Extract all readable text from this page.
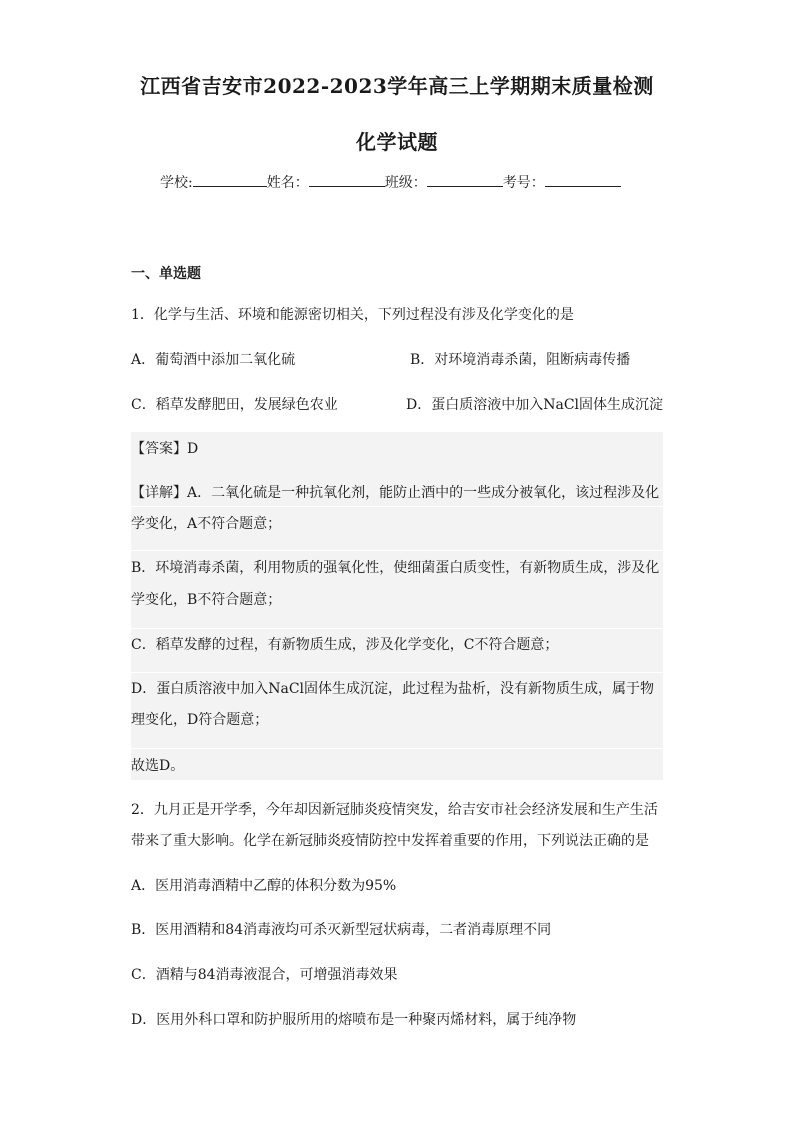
江西省吉安市2022-2023学年高三上学期期末质量检测
化学试题
学校:	姓名：	班级：	考号：
一、单选题
1．化学与生活、环境和能源密切相关，下列过程没有涉及化学变化的是
A．葡萄酒中添加二氧化硫	B．对环境消毒杀菌，阻断病毒传播
C．稻草发酵肥田，发展绿色农业	D．蛋白质溶液中加入NaCl固体生成沉淀
【答案】D
【详解】A．二氧化硫是一种抗氧化剂，能防止酒中的一些成分被氧化，该过程涉及化
学变化，A不符合题意；
B．环境消毒杀菌，利用物质的强氧化性，使细菌蛋白质变性，有新物质生成，涉及化
学变化，B不符合题意；
C．稻草发酵的过程，有新物质生成，涉及化学变化，C不符合题意；
D．蛋白质溶液中加入NaCl固体生成沉淀，此过程为盐析，没有新物质生成，属于物
理变化，D符合题意；
故选D。
2．九月正是开学季，今年却因新冠肺炎疫情突发，给吉安市社会经济发展和生产生活
带来了重大影响。化学在新冠肺炎疫情防控中发挥着重要的作用，下列说法正确的是
A．医用消毒酒精中乙醇的体积分数为95%
B．医用酒精和84消毒液均可杀灭新型冠状病毒，二者消毒原理不同
C．酒精与84消毒液混合，可增强消毒效果
D．医用外科口罩和防护服所用的熔喷布是一种聚丙烯材料，属于纯净物
